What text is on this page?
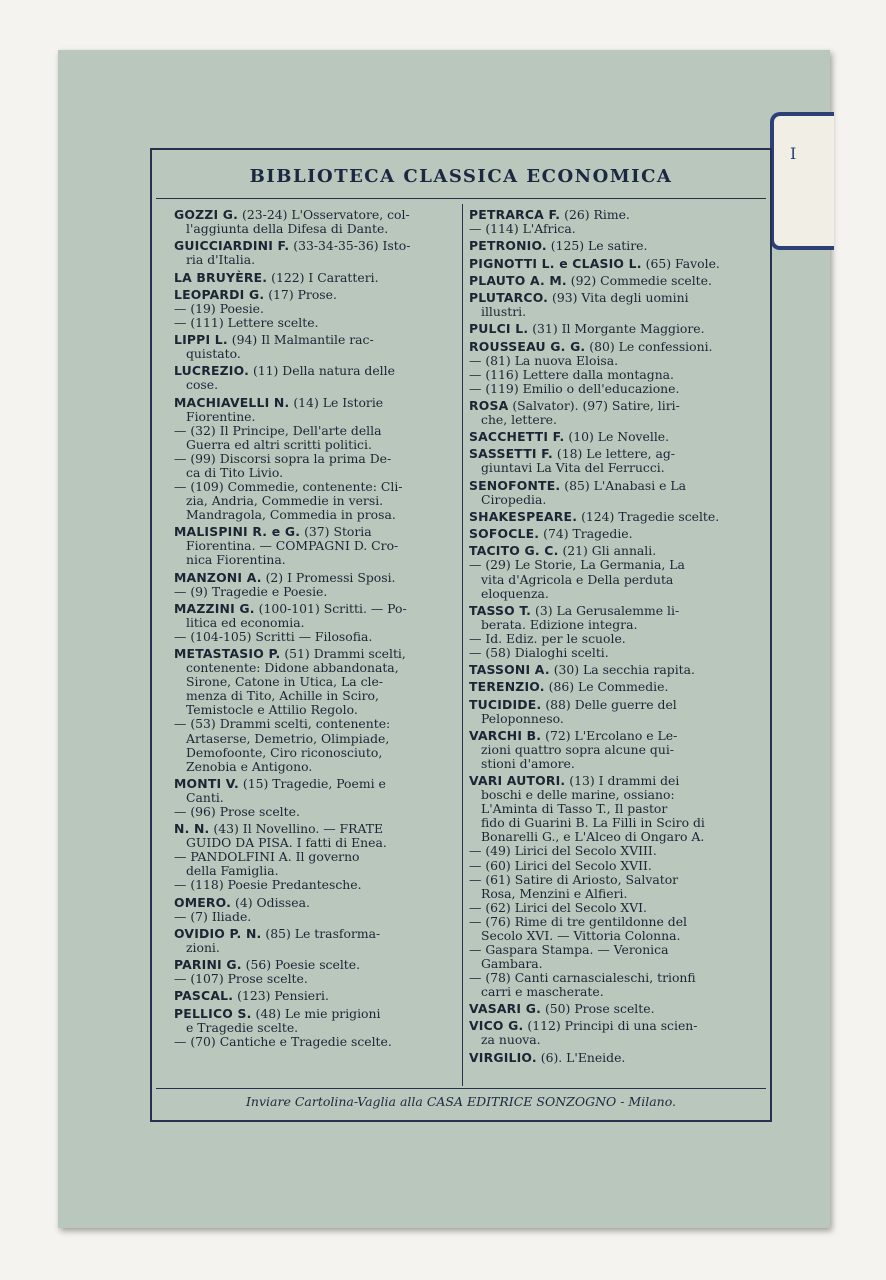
I
BIBLIOTECA CLASSICA ECONOMICA
GOZZI G. (23-24) L'Osservatore, col-
l'aggiunta della Difesa di Dante.
GUICCIARDINI F. (33-34-35-36) Isto-
ria d'Italia.
LA BRUYÈRE. (122) I Caratteri.
LEOPARDI G. (17) Prose.
— (19) Poesie.
— (111) Lettere scelte.
LIPPI L. (94) Il Malmantile rac-
quistato.
LUCREZIO. (11) Della natura delle
cose.
MACHIAVELLI N. (14) Le Istorie
Fiorentine.
— (32) Il Principe, Dell'arte della
Guerra ed altri scritti politici.
— (99) Discorsi sopra la prima De-
ca di Tito Livio.
— (109) Commedie, contenente: Cli-
zia, Andria, Commedie in versi.
Mandragola, Commedia in prosa.
MALISPINI R. e G. (37) Storia
Fiorentina. — COMPAGNI D. Cro-
nica Fiorentina.
MANZONI A. (2) I Promessi Sposi.
— (9) Tragedie e Poesie.
MAZZINI G. (100-101) Scritti. — Po-
litica ed economia.
— (104-105) Scritti — Filosofia.
METASTASIO P. (51) Drammi scelti,
contenente: Didone abbandonata,
Sirone, Catone in Utica, La cle-
menza di Tito, Achille in Sciro,
Temistocle e Attilio Regolo.
— (53) Drammi scelti, contenente:
Artaserse, Demetrio, Olimpiade,
Demofoonte, Ciro riconosciuto,
Zenobia e Antigono.
MONTI V. (15) Tragedie, Poemi e
Canti.
— (96) Prose scelte.
N. N. (43) Il Novellino. — FRATE
GUIDO DA PISA. I fatti di Enea.
— PANDOLFINI A. Il governo
della Famiglia.
— (118) Poesie Predantesche.
OMERO. (4) Odissea.
— (7) Iliade.
OVIDIO P. N. (85) Le trasforma-
zioni.
PARINI G. (56) Poesie scelte.
— (107) Prose scelte.
PASCAL. (123) Pensieri.
PELLICO S. (48) Le mie prigioni
e Tragedie scelte.
— (70) Cantiche e Tragedie scelte.
PETRARCA F. (26) Rime.
— (114) L'Africa.
PETRONIO. (125) Le satire.
PIGNOTTI L. e CLASIO L. (65) Favole.
PLAUTO A. M. (92) Commedie scelte.
PLUTARCO. (93) Vita degli uomini
illustri.
PULCI L. (31) Il Morgante Maggiore.
ROUSSEAU G. G. (80) Le confessioni.
— (81) La nuova Eloisa.
— (116) Lettere dalla montagna.
— (119) Emilio o dell'educazione.
ROSA (Salvator). (97) Satire, liri-
che, lettere.
SACCHETTI F. (10) Le Novelle.
SASSETTI F. (18) Le lettere, ag-
giuntavi La Vita del Ferrucci.
SENOFONTE. (85) L'Anabasi e La
Ciropedia.
SHAKESPEARE. (124) Tragedie scelte.
SOFOCLE. (74) Tragedie.
TACITO G. C. (21) Gli annali.
— (29) Le Storie, La Germania, La
vita d'Agricola e Della perduta
eloquenza.
TASSO T. (3) La Gerusalemme li-
berata. Edizione integra.
— Id. Ediz. per le scuole.
— (58) Dialoghi scelti.
TASSONI A. (30) La secchia rapita.
TERENZIO. (86) Le Commedie.
TUCIDIDE. (88) Delle guerre del
Peloponneso.
VARCHI B. (72) L'Ercolano e Le-
zioni quattro sopra alcune qui-
stioni d'amore.
VARI AUTORI. (13) I drammi dei
boschi e delle marine, ossiano:
L'Aminta di Tasso T., Il pastor
fido di Guarini B. La Filli in Sciro di
Bonarelli G., e L'Alceo di Ongaro A.
— (49) Lirici del Secolo XVIII.
— (60) Lirici del Secolo XVII.
— (61) Satire di Ariosto, Salvator
Rosa, Menzini e Alfieri.
— (62) Lirici del Secolo XVI.
— (76) Rime di tre gentildonne del
Secolo XVI. — Vittoria Colonna.
— Gaspara Stampa. — Veronica
Gambara.
— (78) Canti carnascialeschi, trionfi
carri e mascherate.
VASARI G. (50) Prose scelte.
VICO G. (112) Principi di una scien-
za nuova.
VIRGILIO. (6). L'Eneide.
Inviare Cartolina-Vaglia alla CASA EDITRICE SONZOGNO - Milano.
